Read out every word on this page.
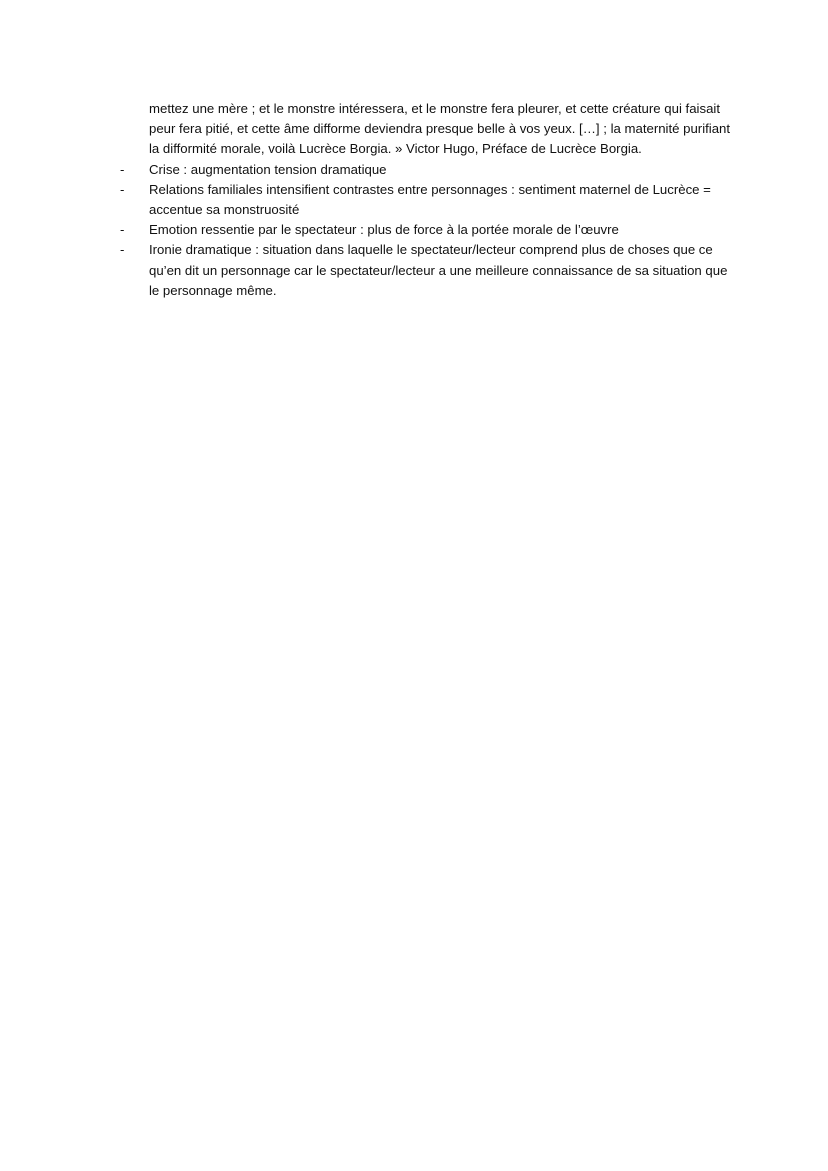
mettez une mère ; et le monstre intéressera, et le monstre fera pleurer, et cette créature qui faisait peur fera pitié, et cette âme difforme deviendra presque belle à vos yeux. […] ; la maternité purifiant la difformité morale, voilà Lucrèce Borgia. » Victor Hugo, Préface de Lucrèce Borgia.

-	Crise : augmentation tension dramatique
-	Relations familiales intensifient contrastes entre personnages : sentiment maternel de Lucrèce = accentue sa monstruosité
-	Emotion ressentie par le spectateur : plus de force à la portée morale de l’œuvre
-	Ironie dramatique : situation dans laquelle le spectateur/lecteur comprend plus de choses que ce qu’en dit un personnage car le spectateur/lecteur a une meilleure connaissance de sa situation que le personnage même.
